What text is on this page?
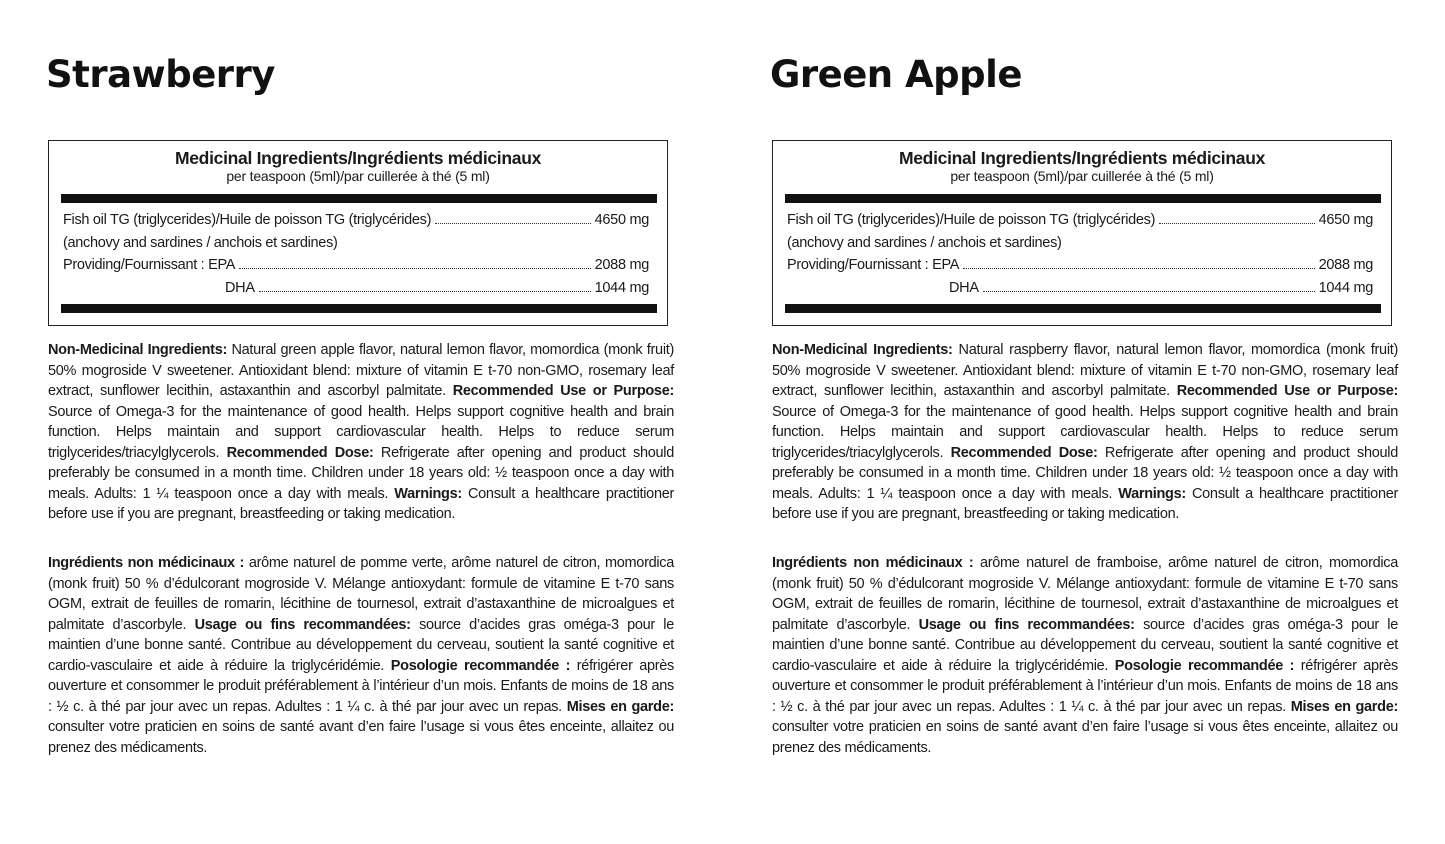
Strawberry
Medicinal Ingredients/Ingrédients médicinaux
per teaspoon (5ml)/par cuillerée à thé (5 ml)
Fish oil TG (triglycerides)/Huile de poisson TG (triglycérides)	4650 mg
(anchovy and sardines / anchois et sardines)
Providing/Fournissant : EPA	2088 mg
DHA	1044 mg

Non-Medicinal Ingredients: Natural green apple flavor, natural lemon flavor, momordica (monk fruit) 50% mogroside V sweetener. Antioxidant blend: mixture of vitamin E t-70 non-GMO, rosemary leaf extract, sunflower lecithin, astaxanthin and ascorbyl palmitate. Recommended Use or Purpose: Source of Omega-3 for the maintenance of good health. Helps support cognitive health and brain function. Helps maintain and support cardiovascular health. Helps to reduce serum triglycerides/triacylglycerols. Recommended Dose: Refrigerate after opening and product should preferably be consumed in a month time. Children under 18 years old: ½ teaspoon once a day with meals. Adults: 1 ¼ teaspoon once a day with meals. Warnings: Consult a healthcare practitioner before use if you are pregnant, breastfeeding or taking medication.

Ingrédients non médicinaux : arôme naturel de pomme verte, arôme naturel de citron, momordica (monk fruit) 50 % d’édulcorant mogroside V. Mélange antioxydant: formule de vitamine E t-70 sans OGM, extrait de feuilles de romarin, lécithine de tournesol, extrait d’astaxanthine de microalgues et palmitate d’ascorbyle. Usage ou fins recommandées: source d’acides gras oméga-3 pour le maintien d’une bonne santé. Contribue au développement du cerveau, soutient la santé cognitive et cardio-vasculaire et aide à réduire la triglycéridémie. Posologie recommandée : réfrigérer après ouverture et consommer le produit préférablement à l’intérieur d’un mois. Enfants de moins de 18 ans : ½ c. à thé par jour avec un repas. Adultes : 1 ¼ c. à thé par jour avec un repas. Mises en garde: consulter votre praticien en soins de santé avant d’en faire l’usage si vous êtes enceinte, allaitez ou prenez des médicaments.

Green Apple
Medicinal Ingredients/Ingrédients médicinaux
per teaspoon (5ml)/par cuillerée à thé (5 ml)
Fish oil TG (triglycerides)/Huile de poisson TG (triglycérides)	4650 mg
(anchovy and sardines / anchois et sardines)
Providing/Fournissant : EPA	2088 mg
DHA	1044 mg

Non-Medicinal Ingredients: Natural raspberry flavor, natural lemon flavor, momordica (monk fruit) 50% mogroside V sweetener. Antioxidant blend: mixture of vitamin E t-70 non-GMO, rosemary leaf extract, sunflower lecithin, astaxanthin and ascorbyl palmitate. Recommended Use or Purpose: Source of Omega-3 for the maintenance of good health. Helps support cognitive health and brain function. Helps maintain and support cardiovascular health. Helps to reduce serum triglycerides/triacylglycerols. Recommended Dose: Refrigerate after opening and product should preferably be consumed in a month time. Children under 18 years old: ½ teaspoon once a day with meals. Adults: 1 ¼ teaspoon once a day with meals. Warnings: Consult a healthcare practitioner before use if you are pregnant, breastfeeding or taking medication.

Ingrédients non médicinaux : arôme naturel de framboise, arôme naturel de citron, momordica (monk fruit) 50 % d’édulcorant mogroside V. Mélange antioxydant: formule de vitamine E t-70 sans OGM, extrait de feuilles de romarin, lécithine de tournesol, extrait d’astaxanthine de microalgues et palmitate d’ascorbyle. Usage ou fins recommandées: source d’acides gras oméga-3 pour le maintien d’une bonne santé. Contribue au développement du cerveau, soutient la santé cognitive et cardio-vasculaire et aide à réduire la triglycéridémie. Posologie recommandée : réfrigérer après ouverture et consommer le produit préférablement à l’intérieur d’un mois. Enfants de moins de 18 ans : ½ c. à thé par jour avec un repas. Adultes : 1 ¼ c. à thé par jour avec un repas. Mises en garde: consulter votre praticien en soins de santé avant d’en faire l’usage si vous êtes enceinte, allaitez ou prenez des médicaments.
